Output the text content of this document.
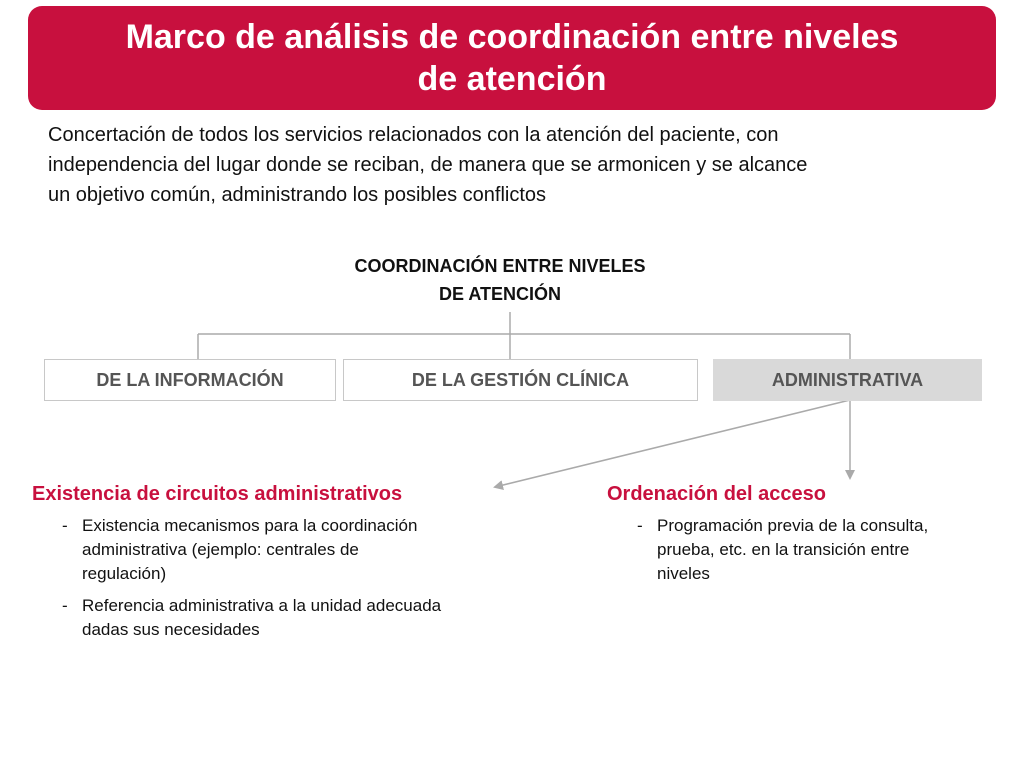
Marco de análisis de coordinación entre niveles
de atención
Concertación de todos los servicios relacionados con la atención del paciente, con
independencia del lugar donde se reciban, de manera que se armonicen y se alcance
un objetivo común, administrando los posibles conflictos
COORDINACIÓN ENTRE NIVELES
DE ATENCIÓN
DE LA INFORMACIÓN	DE LA GESTIÓN CLÍNICA	ADMINISTRATIVA
Existencia de circuitos administrativos
- Existencia mecanismos para la coordinación
administrativa (ejemplo: centrales de
regulación)
- Referencia administrativa a la unidad adecuada
dadas sus necesidades
Ordenación del acceso
- Programación previa de la consulta,
prueba, etc. en la transición entre
niveles
